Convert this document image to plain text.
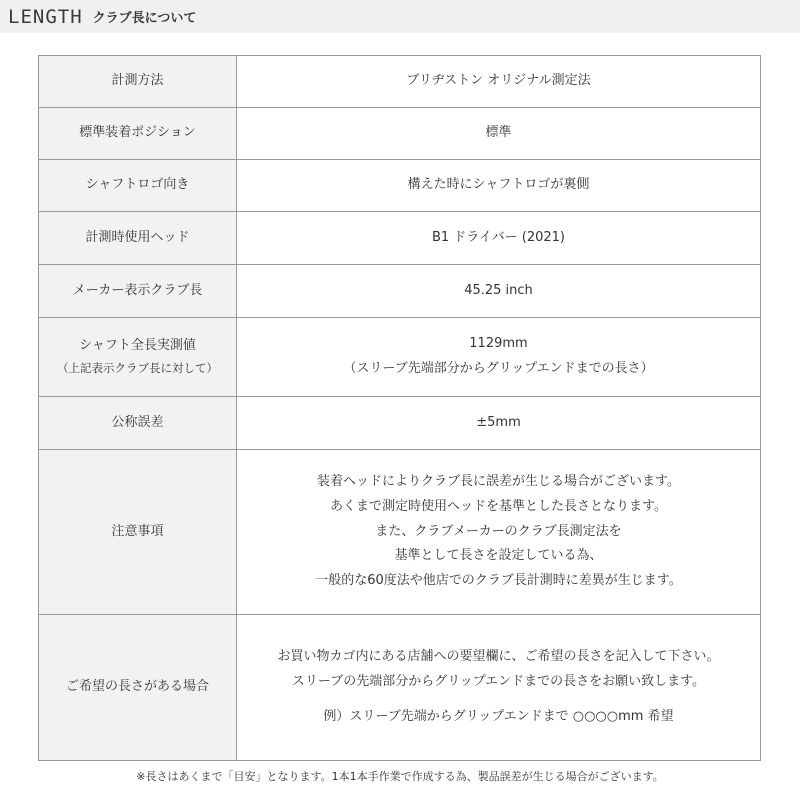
LENGTH クラブ長について
計測方法	ブリヂストン オリジナル測定法
標準装着ポジション	標準
シャフトロゴ向き	構えた時にシャフトロゴが裏側
計測時使用ヘッド	B1 ドライバー (2021)
メーカー表示クラブ長	45.25 inch

シャフト全長実測値
（上記表示クラブ長に対して）	1129mm
（スリーブ先端部分からグリップエンドまでの長さ）

公称誤差	±5mm
注意事項	装着ヘッドによりクラブ長に誤差が生じる場合がございます。
あくまで測定時使用ヘッドを基準とした長さとなります。
また、クラブメーカーのクラブ長測定法を
基準として長さを設定している為、
一般的な60度法や他店でのクラブ長計測時に差異が生じます。

ご希望の長さがある場合	お買い物カゴ内にある店舗への要望欄に、ご希望の長さを記入して下さい。
スリーブの先端部分からグリップエンドまでの長さをお願い致します。
例）スリーブ先端からグリップエンドまで ○○○○mm 希望
※長さはあくまで「目安」となります。1本1本手作業で作成する為、製品誤差が生じる場合がございます。
